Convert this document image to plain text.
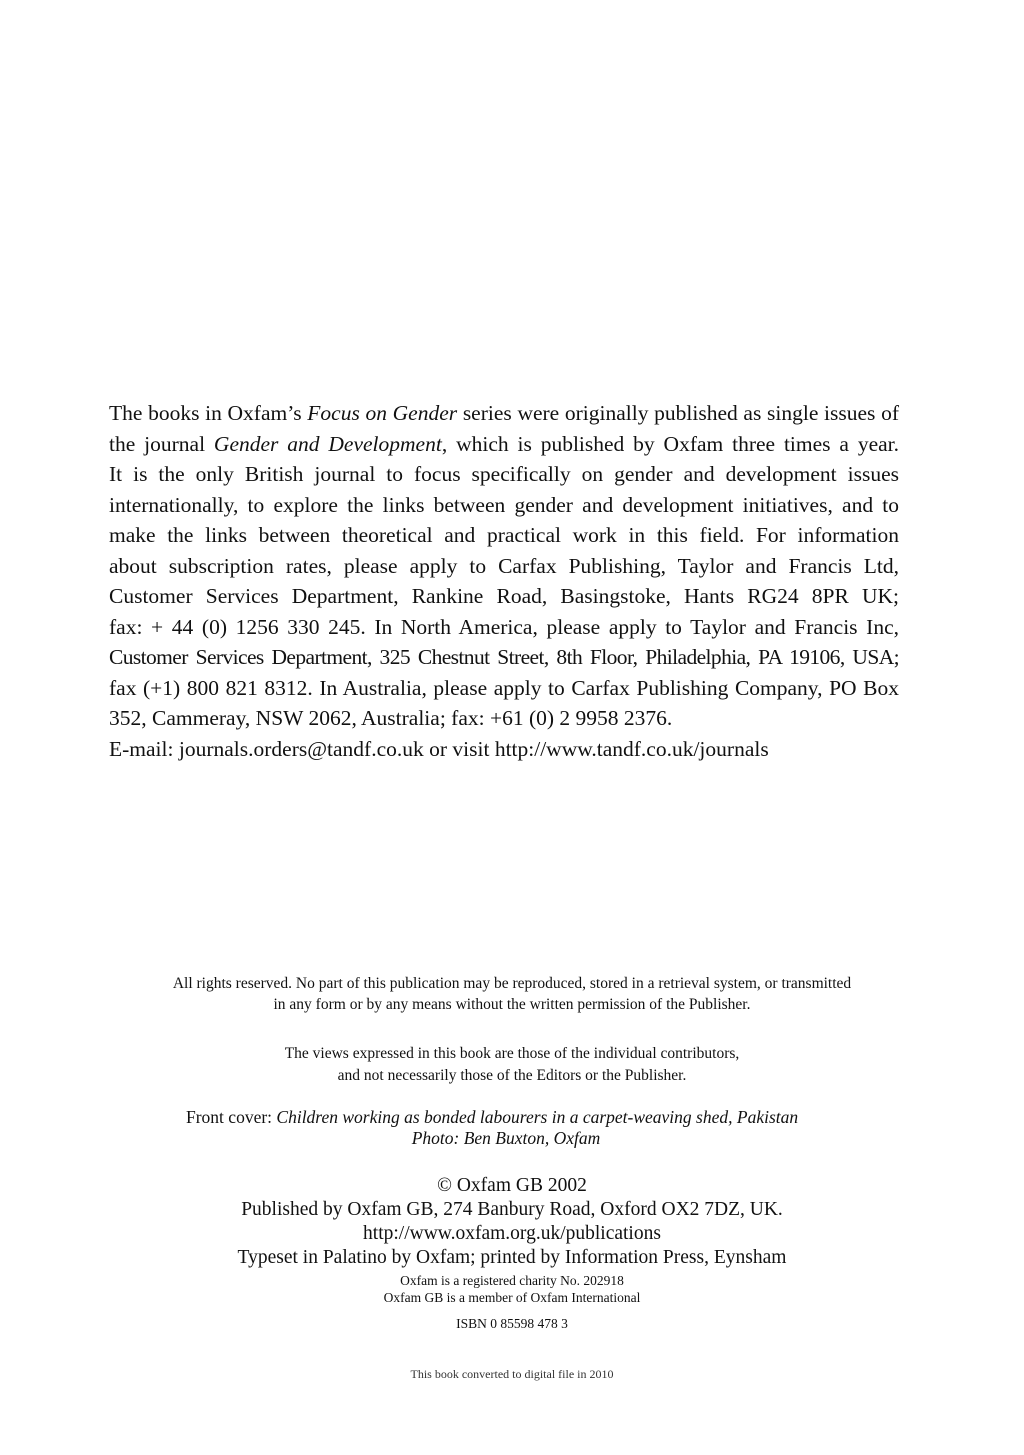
The books in Oxfam’s Focus on Gender series were originally published as single issues of
the journal Gender and Development, which is published by Oxfam three times a year.
It is the only British journal to focus specifically on gender and development issues
internationally, to explore the links between gender and development initiatives, and to
make the links between theoretical and practical work in this field. For information
about subscription rates, please apply to Carfax Publishing, Taylor and Francis Ltd,
Customer Services Department, Rankine Road, Basingstoke, Hants RG24 8PR UK;
fax: + 44 (0) 1256 330 245. In North America, please apply to Taylor and Francis Inc,
Customer Services Department, 325 Chestnut Street, 8th Floor, Philadelphia, PA 19106, USA;
fax (+1) 800 821 8312. In Australia, please apply to Carfax Publishing Company, PO Box
352, Cammeray, NSW 2062, Australia; fax: +61 (0) 2 9958 2376.
E-mail: journals.orders@tandf.co.uk or visit http://www.tandf.co.uk/journals
All rights reserved. No part of this publication may be reproduced, stored in a retrieval system, or transmitted
in any form or by any means without the written permission of the Publisher.
The views expressed in this book are those of the individual contributors,
and not necessarily those of the Editors or the Publisher.
Front cover: Children working as bonded labourers in a carpet-weaving shed, Pakistan
Photo: Ben Buxton, Oxfam
© Oxfam GB 2002
Published by Oxfam GB, 274 Banbury Road, Oxford OX2 7DZ, UK.
http://www.oxfam.org.uk/publications
Typeset in Palatino by Oxfam; printed by Information Press, Eynsham
Oxfam is a registered charity No. 202918
Oxfam GB is a member of Oxfam International
ISBN 0 85598 478 3
This book converted to digital file in 2010
